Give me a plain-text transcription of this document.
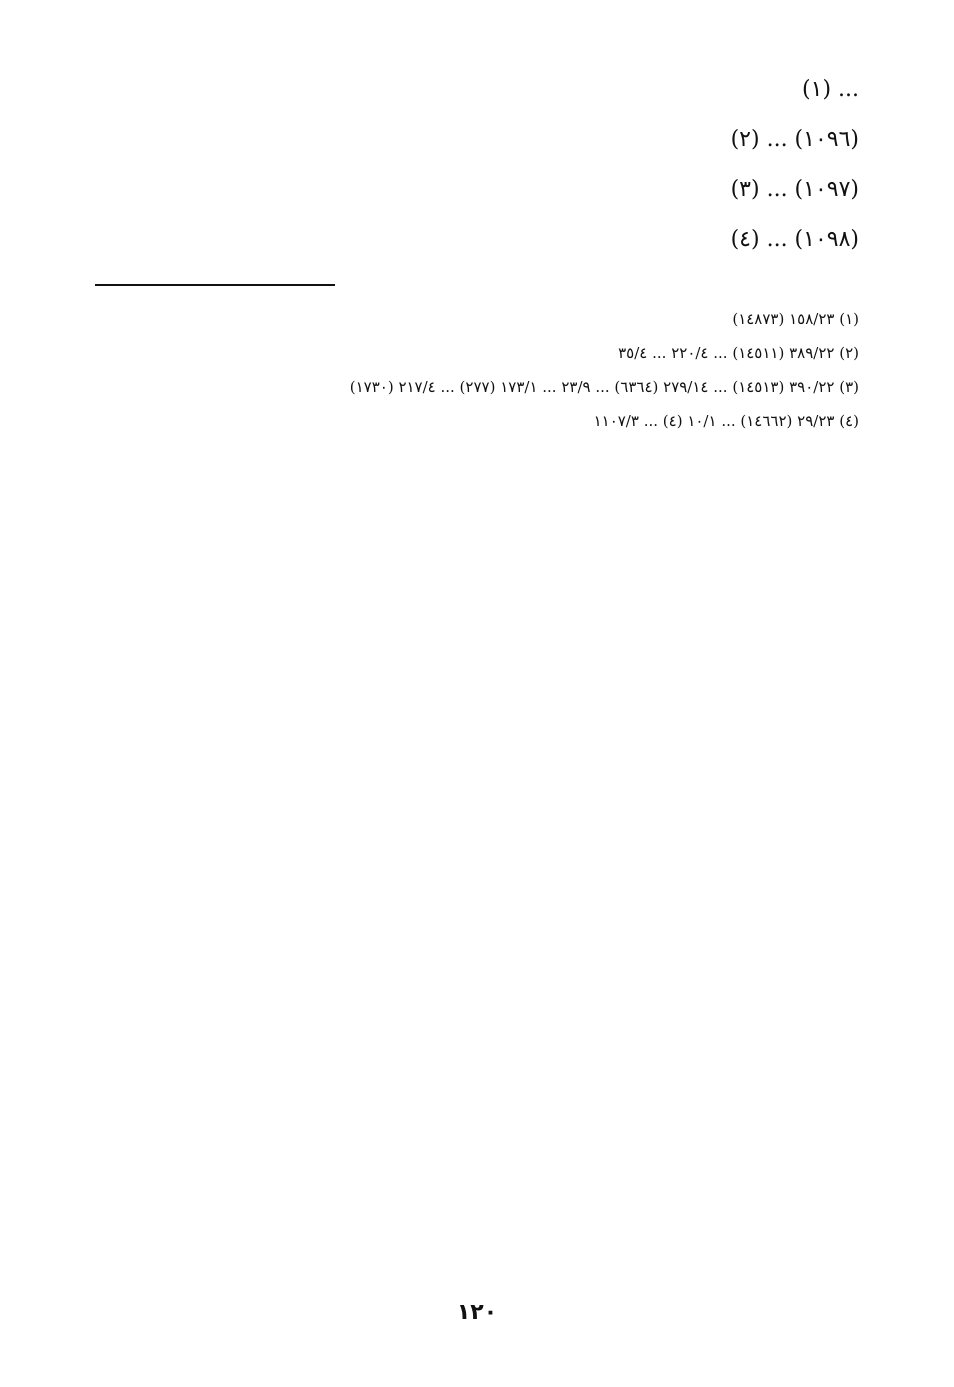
... (١)

(١٠٩٦) ... (٢)

(١٠٩٧) ... (٣)

(١٠٩٨) ... (٤)

(١) ١٥٨/٢٣ (١٤٨٧٣)

(٢) ٣٨٩/٢٢ (١٤٥١١) ... ٢٢٠/٤ ... ٣٥/٤

(٣) ٣٩٠/٢٢ (١٤٥١٣) ... ٢٧٩/١٤ (٦٣٦٤) ... ٢٣/٩ ... ١٧٣/١ (٢٧٧) ... ٢١٧/٤ (١٧٣٠)

(٤) ٢٩/٢٣ (١٤٦٦٢) ... ١٠/١ (٤) ... ١١٠٧/٣

١٢٠
